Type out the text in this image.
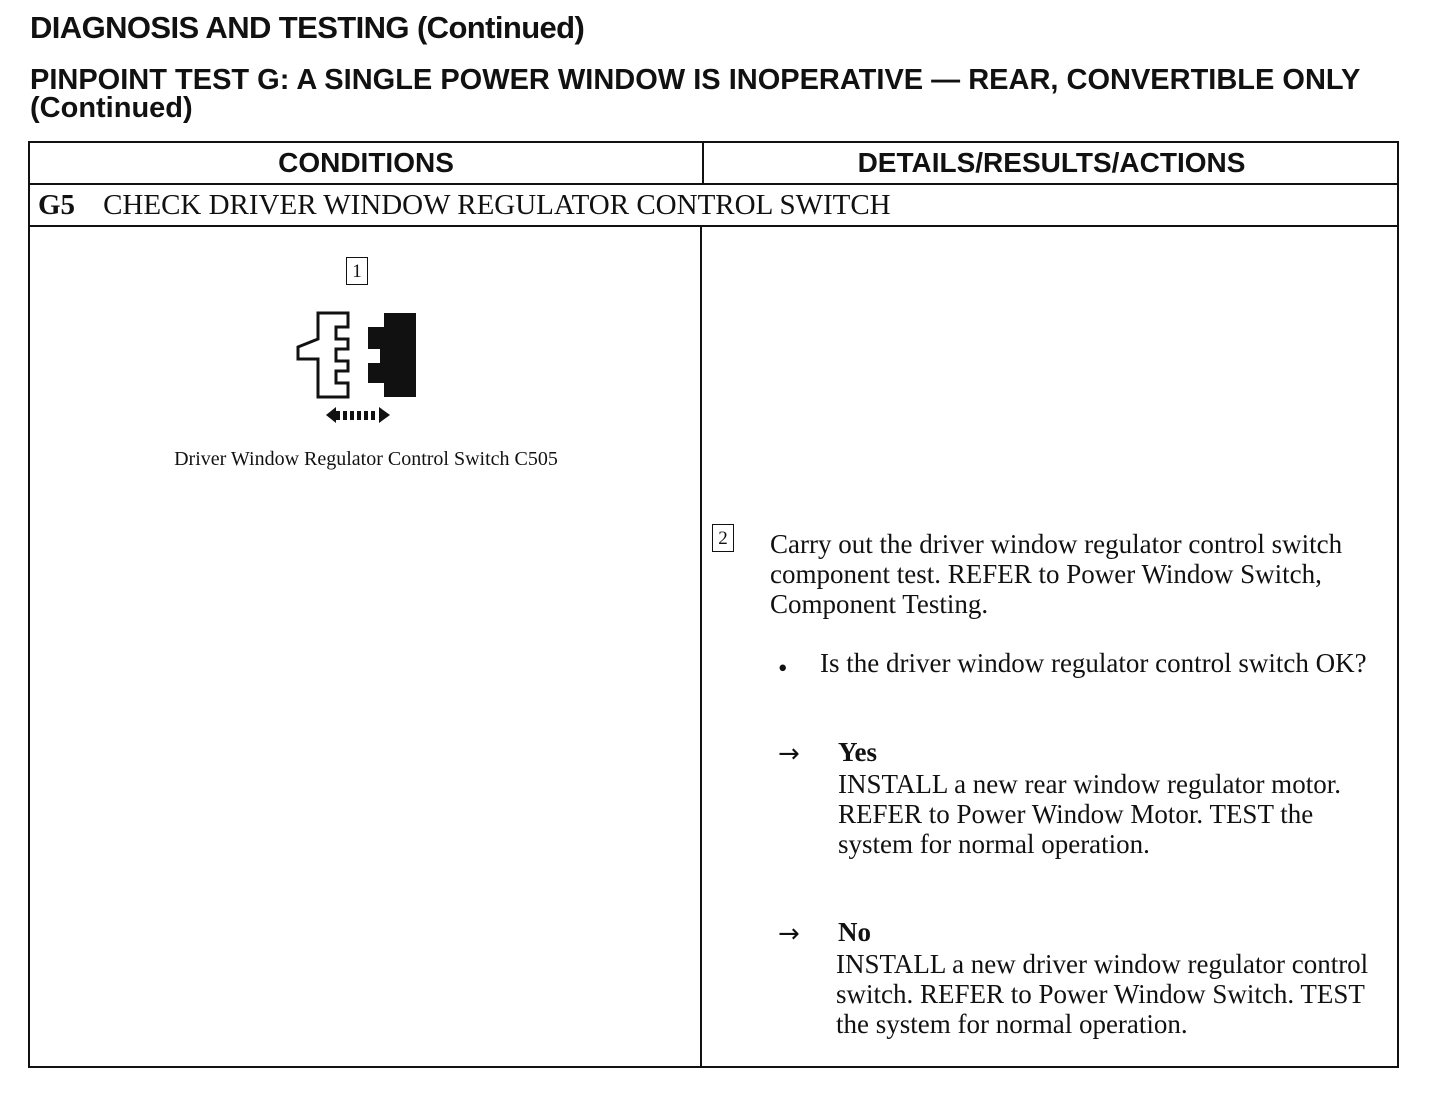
DIAGNOSIS AND TESTING (Continued)
PINPOINT TEST G: A SINGLE POWER WINDOW IS INOPERATIVE — REAR, CONVERTIBLE ONLY (Continued)
CONDITIONS	DETAILS/RESULTS/ACTIONS
G5 CHECK DRIVER WINDOW REGULATOR CONTROL SWITCH
1
Driver Window Regulator Control Switch C505
2 Carry out the driver window regulator control switch component test. REFER to Power Window Switch, Component Testing.
• Is the driver window regulator control switch OK?
→ Yes
INSTALL a new rear window regulator motor. REFER to Power Window Motor. TEST the system for normal operation.
→ No
INSTALL a new driver window regulator control switch. REFER to Power Window Switch. TEST the system for normal operation.
